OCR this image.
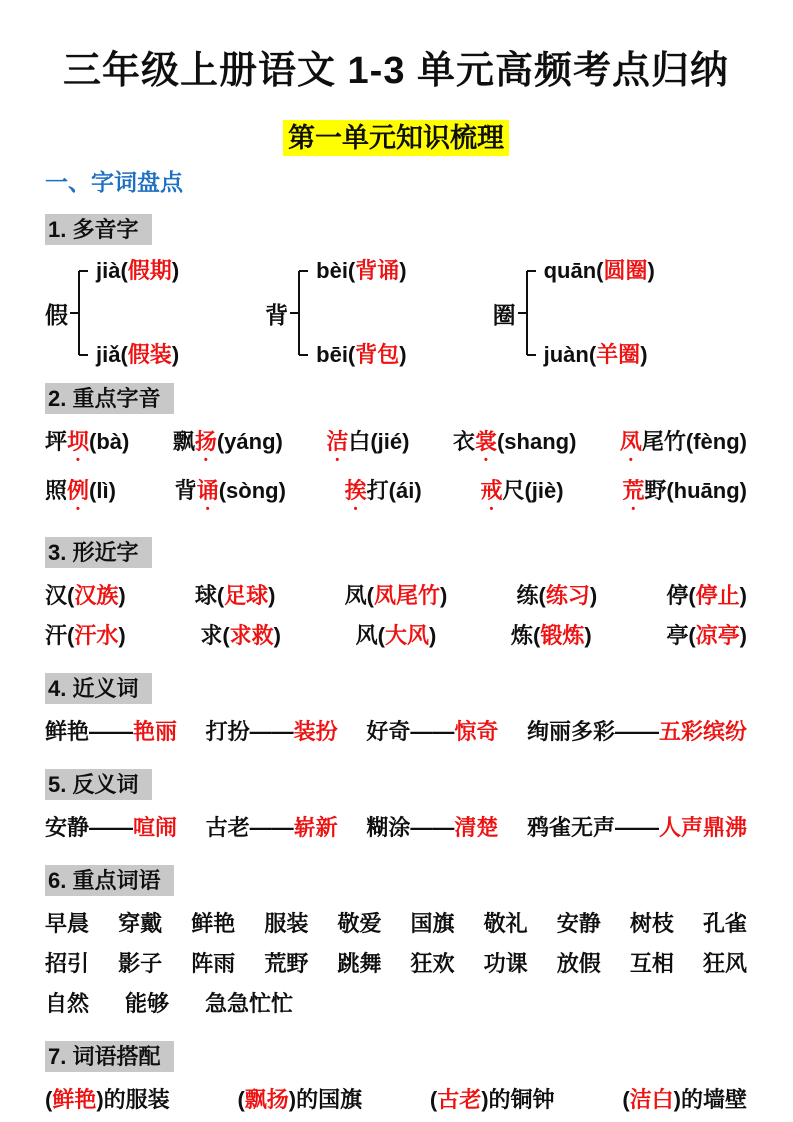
三年级上册语文 1-3 单元高频考点归纳
第一单元知识梳理
一、字词盘点
1. 多音字
假
jià(假期)
jiǎ(假装)
背
bèi(背诵)
bēi(背包)
圈
quān(圆圈)
juàn(羊圈)
2. 重点字音
坪坝(bà) 飘扬(yáng) 洁白(jié) 衣裳(shang) 凤尾竹(fèng)
照例(lì)	背诵(sòng)	挨打(ái)	戒尺(jiè)	荒野(huāng)
3. 形近字
汉(汉族)	球(足球)	凤(凤尾竹)	练(练习)	停(停止)
汗(汗水)	求(求救)	风(大风)	炼(锻炼)	亭(凉亭)
4. 近义词
鲜艳——艳丽 打扮——装扮 好奇——惊奇 绚丽多彩——五彩缤纷
5. 反义词
安静——喧闹 古老——崭新 糊涂——清楚 鸦雀无声——人声鼎沸
6. 重点词语
早晨 穿戴 鲜艳 服装 敬爱 国旗 敬礼 安静 树枝 孔雀
招引 影子 阵雨 荒野 跳舞 狂欢 功课 放假 互相 狂风
自然 能够 急急忙忙
7. 词语搭配
(鲜艳)的服装	(飘扬)的国旗	(古老)的铜钟	(洁白)的墙壁
